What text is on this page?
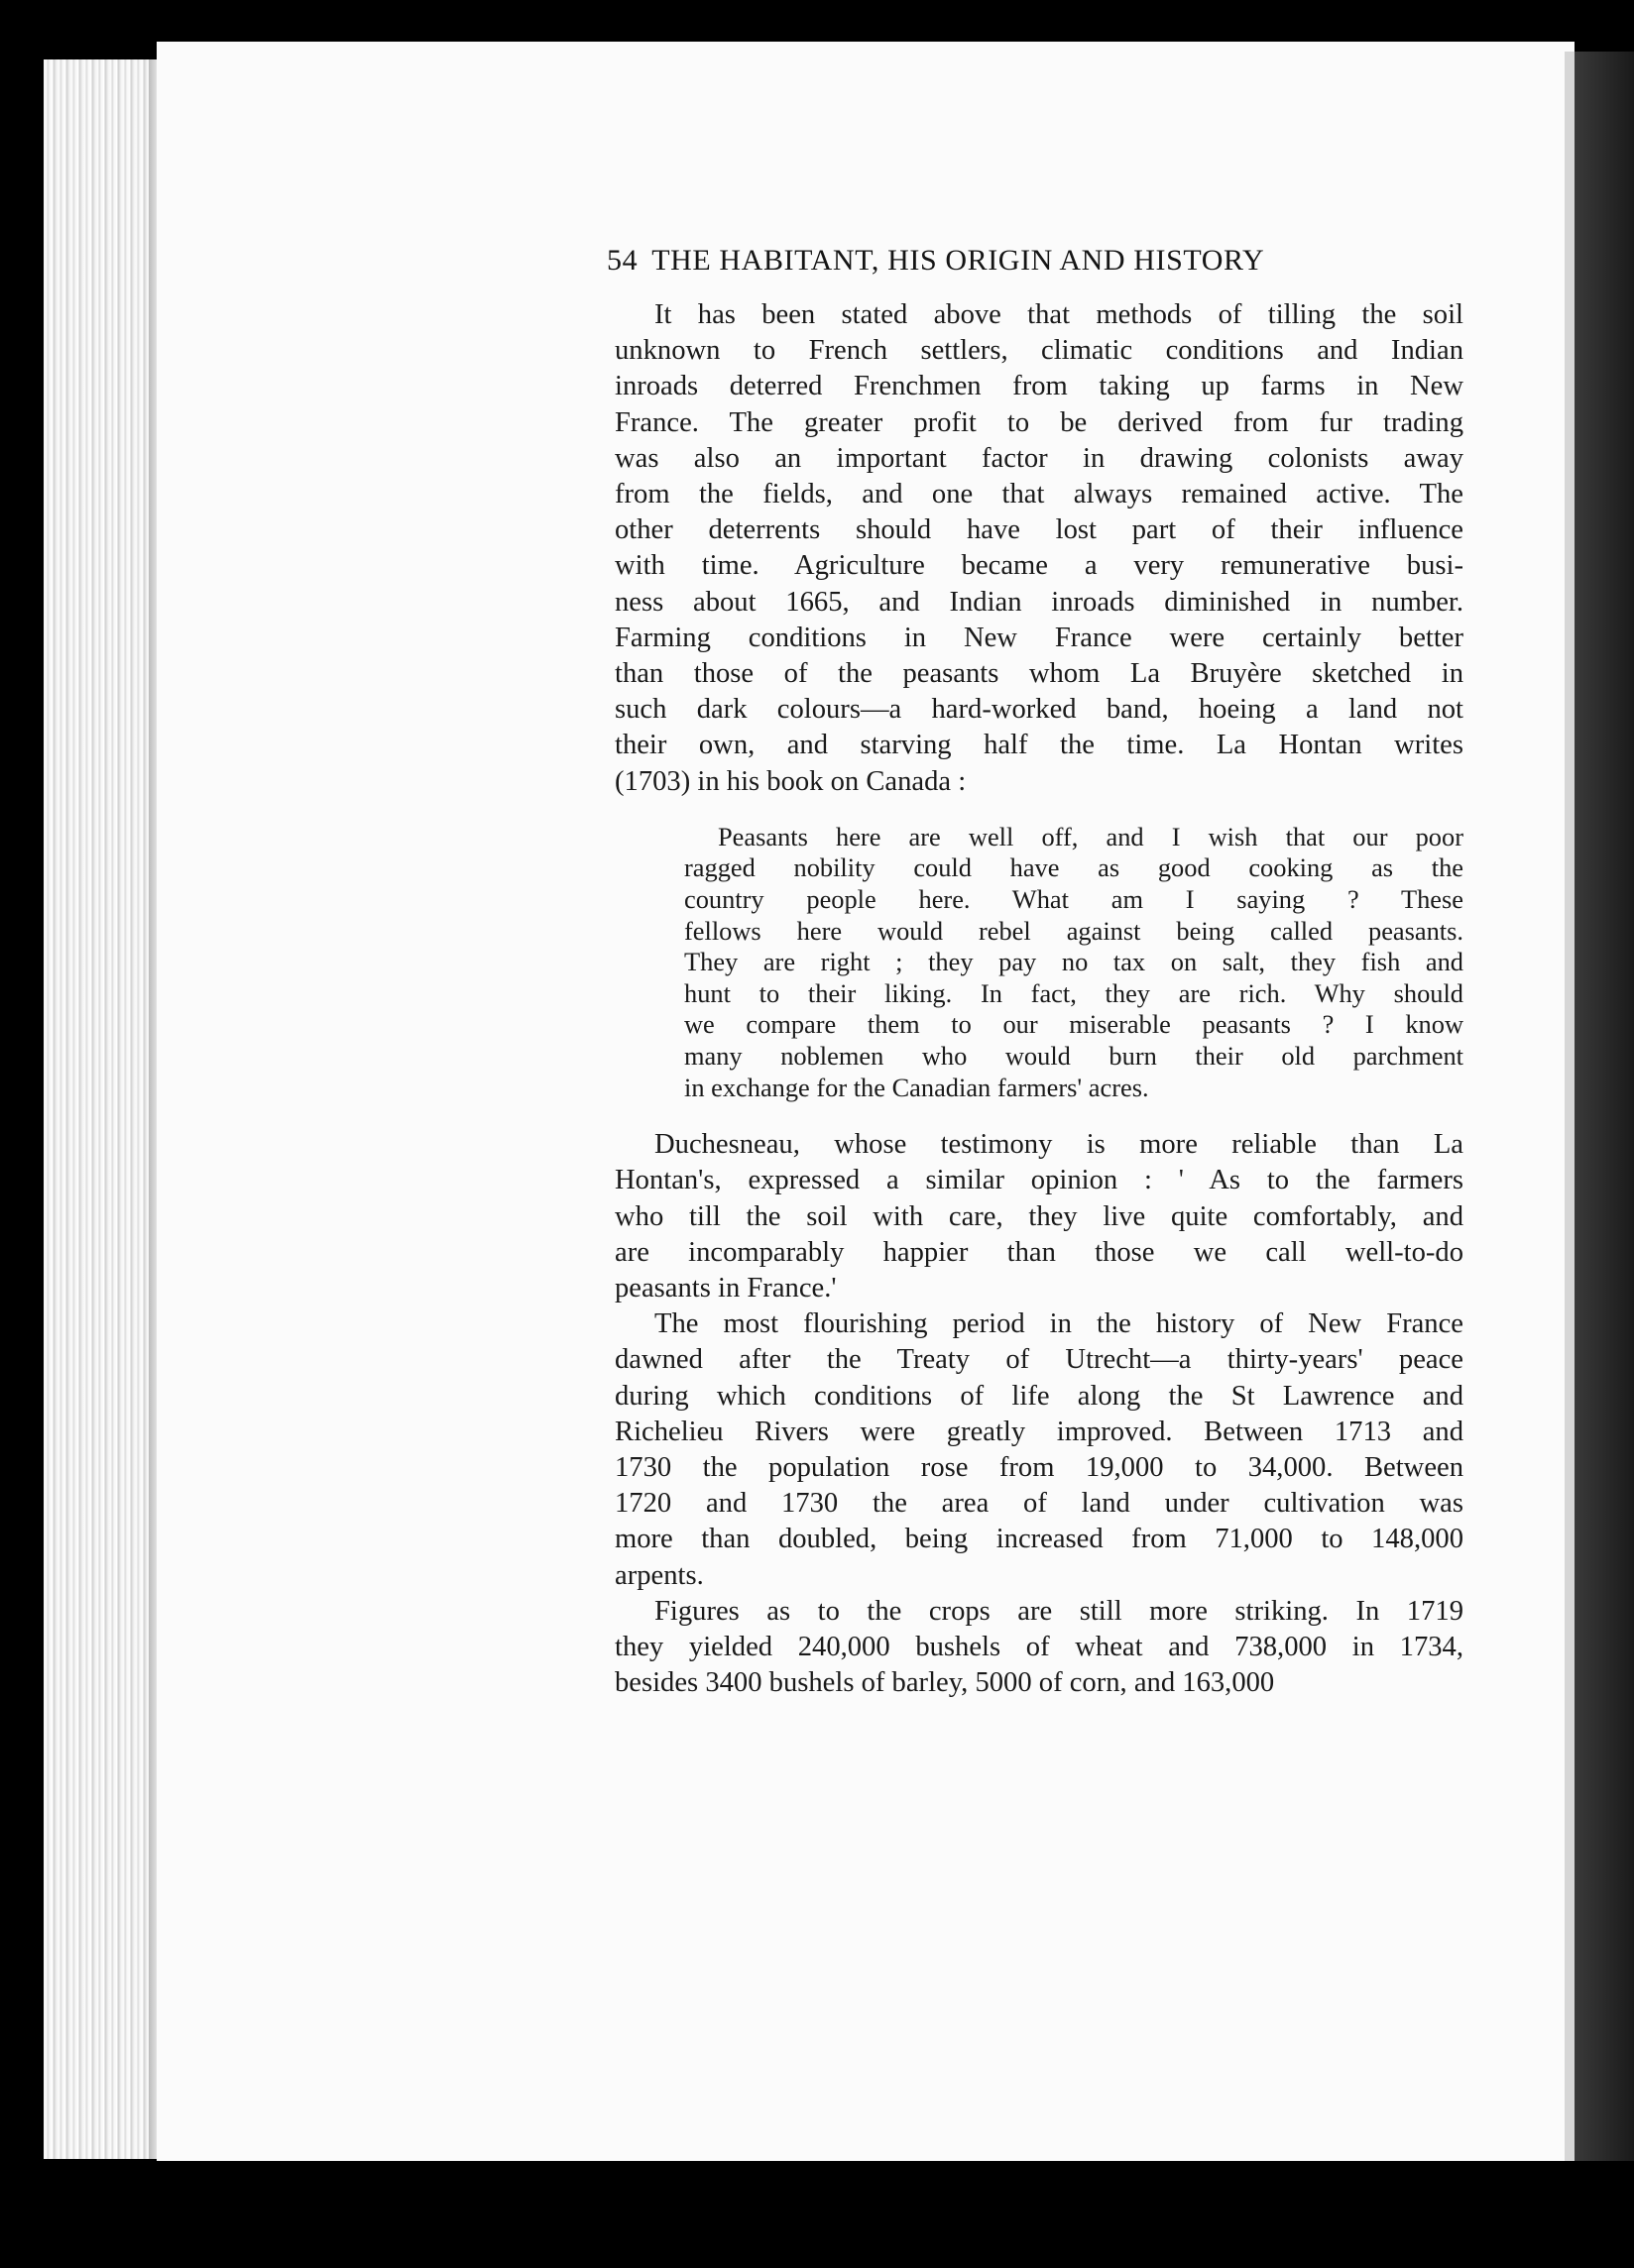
54 THE HABITANT, HIS ORIGIN AND HISTORY
It has been stated above that methods of tilling the soil
unknown to French settlers, climatic conditions and Indian
inroads deterred Frenchmen from taking up farms in New
France. The greater profit to be derived from fur trading
was also an important factor in drawing colonists away
from the fields, and one that always remained active. The
other deterrents should have lost part of their influence
with time. Agriculture became a very remunerative busi-
ness about 1665, and Indian inroads diminished in number.
Farming conditions in New France were certainly better
than those of the peasants whom La Bruyère sketched in
such dark colours—a hard-worked band, hoeing a land not
their own, and starving half the time. La Hontan writes
(1703) in his book on Canada :
Peasants here are well off, and I wish that our poor
ragged nobility could have as good cooking as the
country people here. What am I saying ? These
fellows here would rebel against being called peasants.
They are right ; they pay no tax on salt, they fish and
hunt to their liking. In fact, they are rich. Why should
we compare them to our miserable peasants ? I know
many noblemen who would burn their old parchment
in exchange for the Canadian farmers' acres.
Duchesneau, whose testimony is more reliable than La
Hontan's, expressed a similar opinion : ' As to the farmers
who till the soil with care, they live quite comfortably, and
are incomparably happier than those we call well-to-do
peasants in France.'
The most flourishing period in the history of New France
dawned after the Treaty of Utrecht—a thirty-years' peace
during which conditions of life along the St Lawrence and
Richelieu Rivers were greatly improved. Between 1713 and
1730 the population rose from 19,000 to 34,000. Between
1720 and 1730 the area of land under cultivation was
more than doubled, being increased from 71,000 to 148,000
arpents.
Figures as to the crops are still more striking. In 1719
they yielded 240,000 bushels of wheat and 738,000 in 1734,
besides 3400 bushels of barley, 5000 of corn, and 163,000
